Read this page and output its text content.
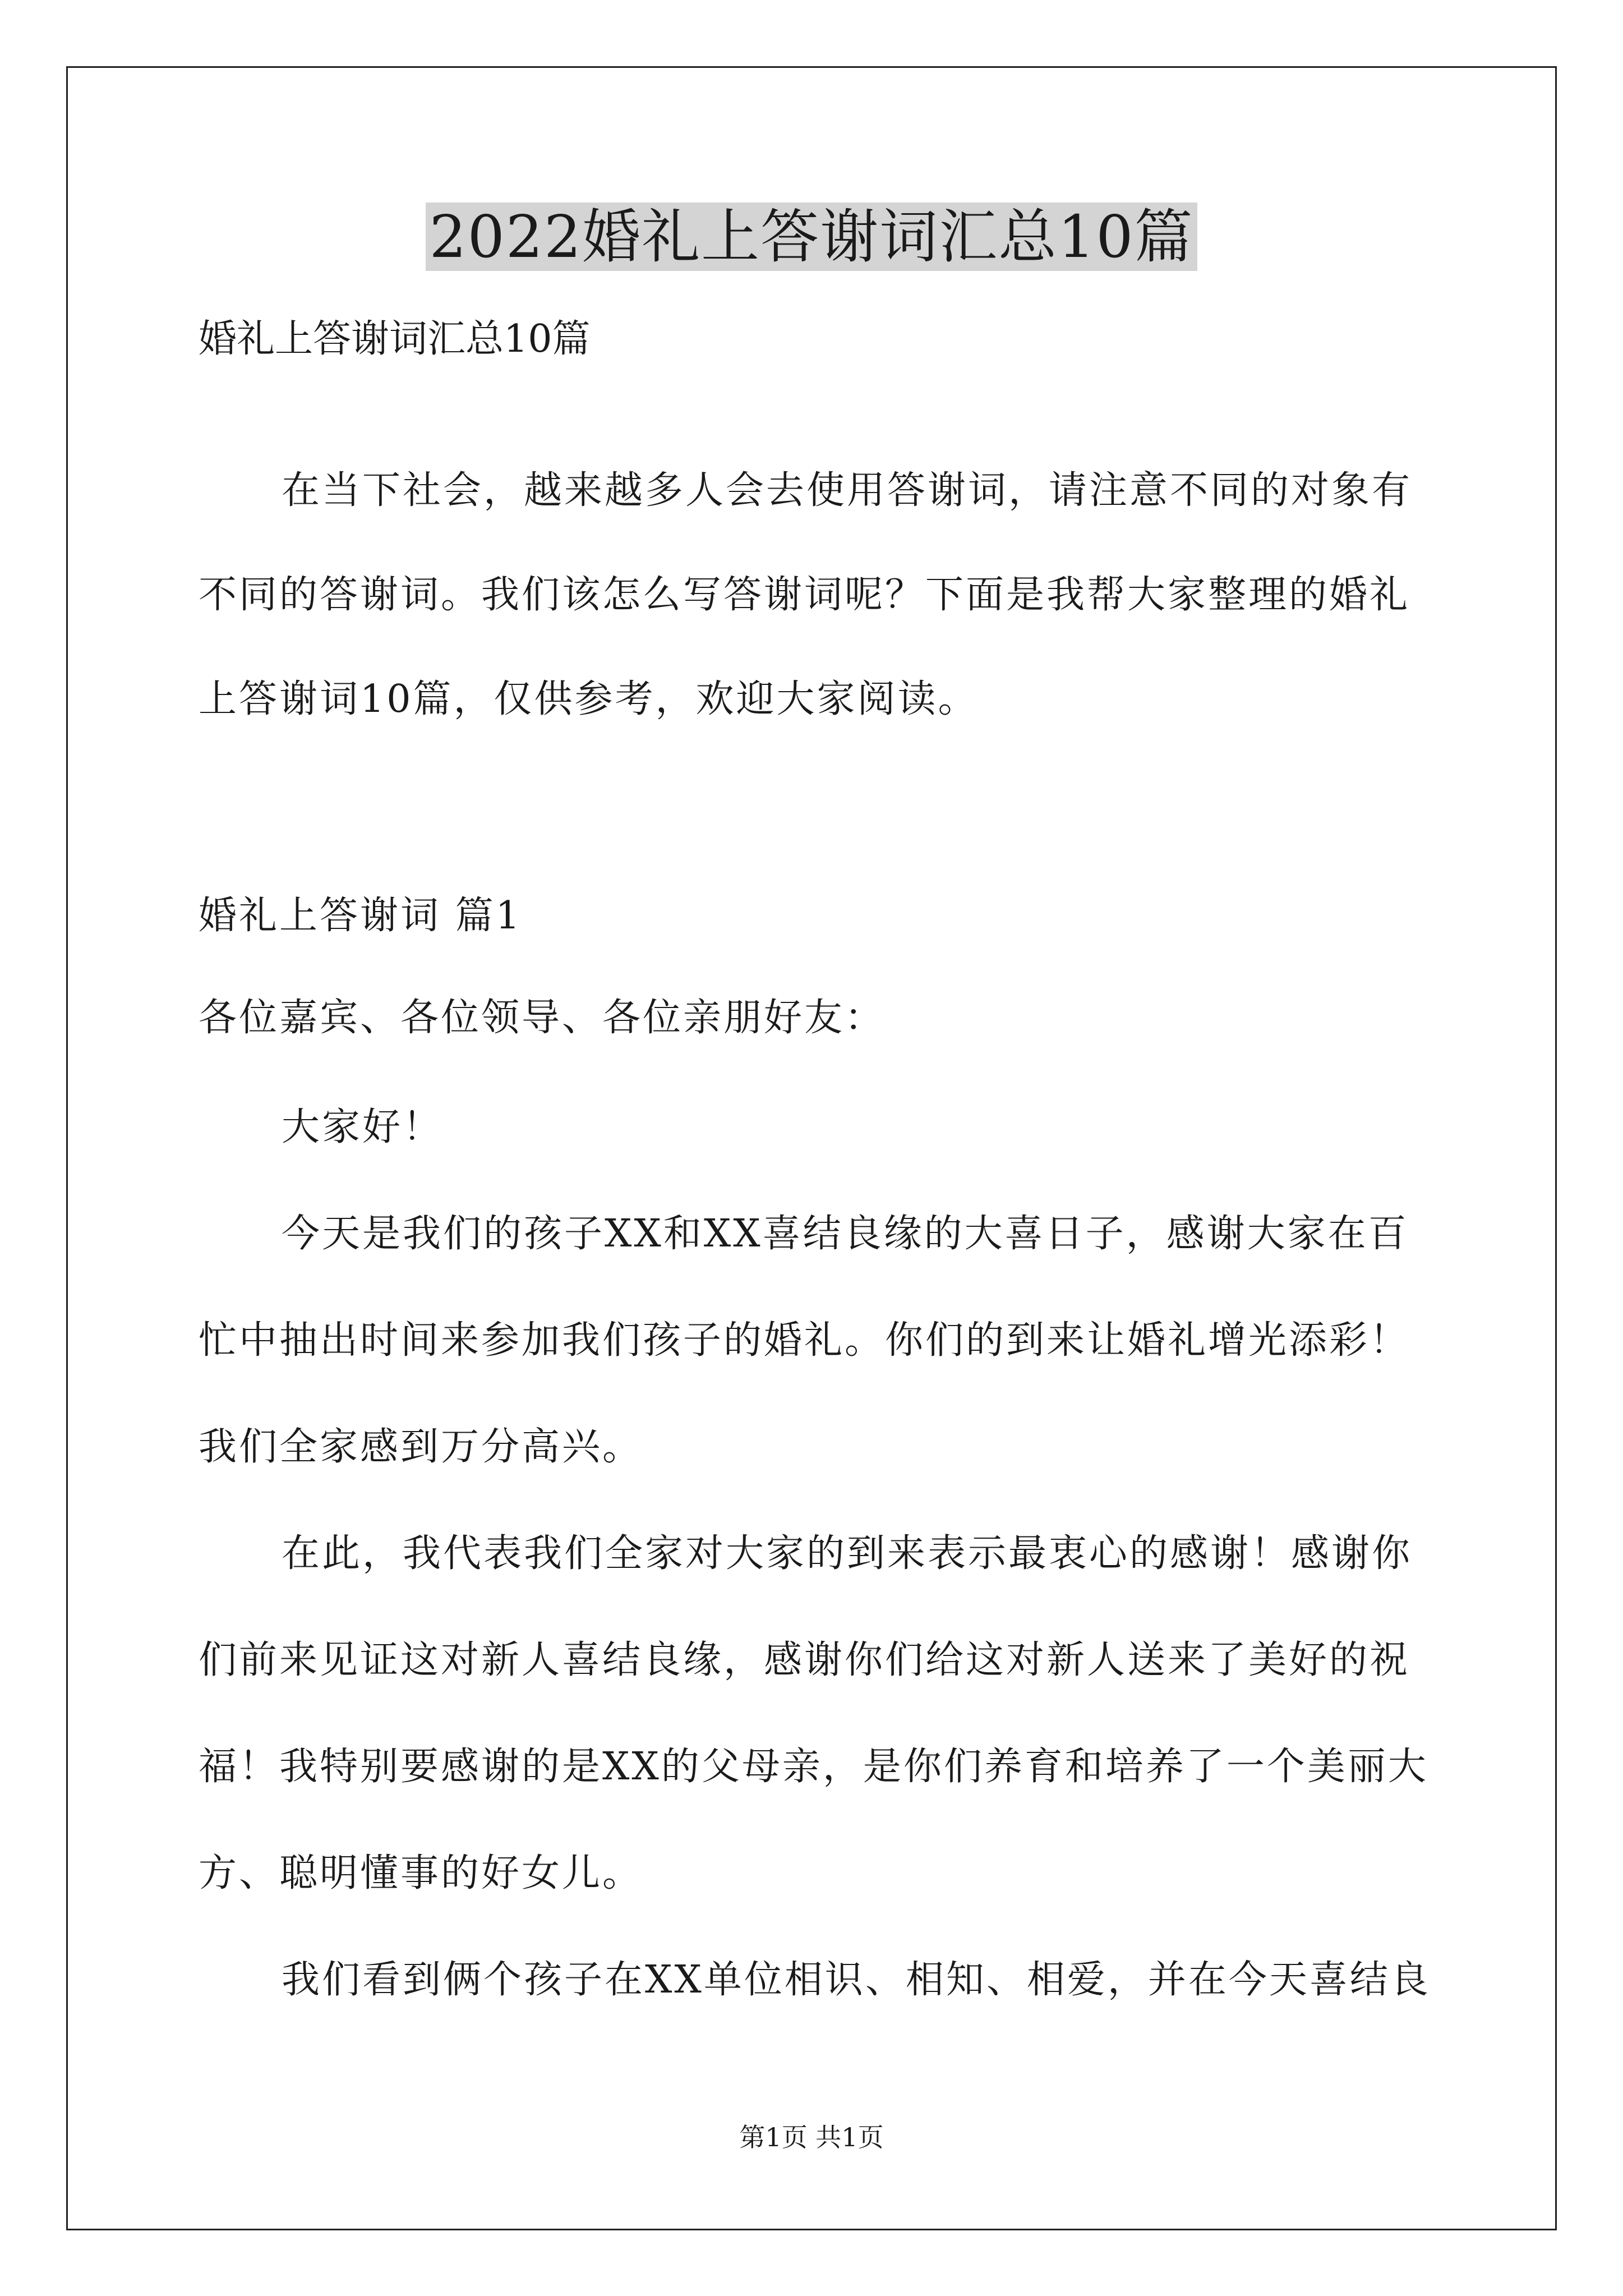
2022婚礼上答谢词汇总10篇
婚礼上答谢词汇总10篇
在当下社会，越来越多人会去使用答谢词，请注意不同的对象有
不同的答谢词。我们该怎么写答谢词呢？下面是我帮大家整理的婚礼
上答谢词10篇，仅供参考，欢迎大家阅读。
婚礼上答谢词 篇1
各位嘉宾、各位领导、各位亲朋好友：
大家好！
今天是我们的孩子XX和XX喜结良缘的大喜日子，感谢大家在百
忙中抽出时间来参加我们孩子的婚礼。你们的到来让婚礼增光添彩！
我们全家感到万分高兴。
在此，我代表我们全家对大家的到来表示最衷心的感谢！感谢你
们前来见证这对新人喜结良缘，感谢你们给这对新人送来了美好的祝
福！我特别要感谢的是XX的父母亲，是你们养育和培养了一个美丽大
方、聪明懂事的好女儿。
我们看到俩个孩子在XX单位相识、相知、相爱，并在今天喜结良
第1页 共1页
